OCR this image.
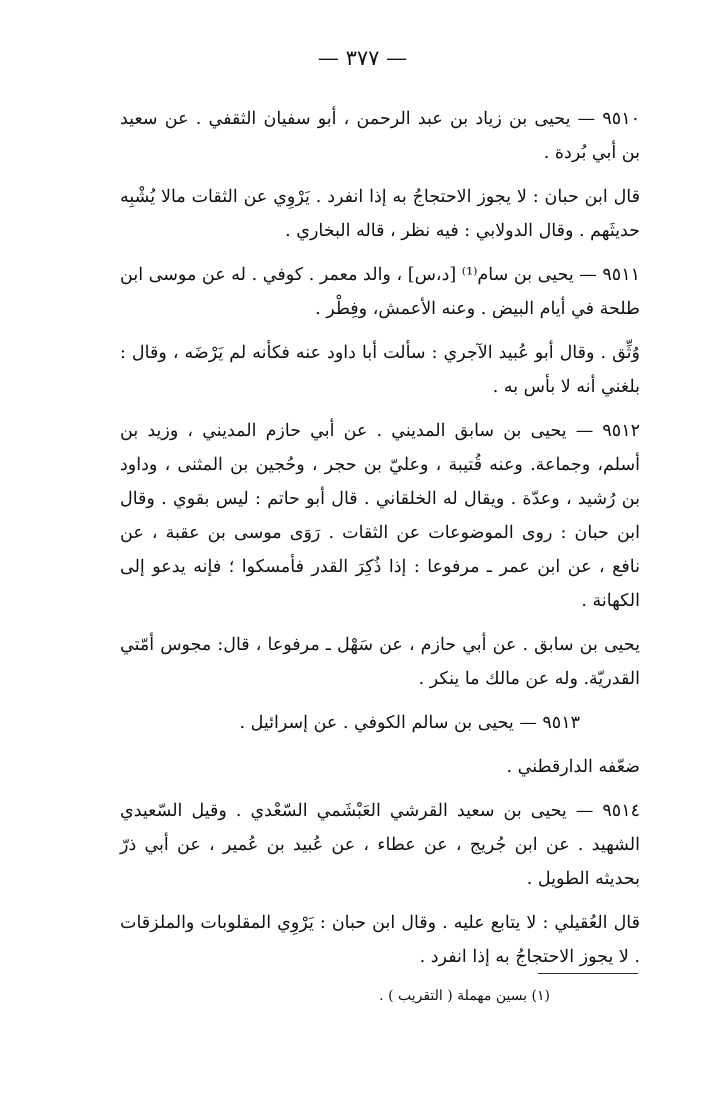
— ٣٧٧ —

٩٥١٠ — يحيى بن زياد بن عبد الرحمن ، أبو سفيان الثقفي . عن سعيد بن أبي بُردة .

قال ابن حبان : لا يجوز الاحتجاجُ به إذا انفرد . يَرْوِي عن الثقات مالا يُشْبِه حديثَهم . وقال الدولابي : فيه نظر ، قاله البخاري .

٩٥١١ — يحيى بن سام⁽¹⁾ [د،س] ، والد معمر . كوفي . له عن موسى ابن طلحة في أيام البيض . وعنه الأعمش، وفِطْر .

وُثِّق . وقال أبو عُبيد الآجري : سألت أبا داود عنه فكأنه لم يَرْضَه ، وقال : بلغني أنه لا بأس به .

٩٥١٢ — يحيى بن سابق المديني . عن أبي حازم المديني ، وزيد بن أسلم، وجماعة. وعنه قُتيبة ، وعليّ بن حجر ، وحُجين بن المثنى ، وداود بن رُشيد ، وعدّة . ويقال له الخلقاني . قال أبو حاتم : ليس بقوي . وقال ابن حبان : روى الموضوعات عن الثقات . رَوَى موسى بن عقبة ، عن نافع ، عن ابن عمر ـ مرفوعا : إذا ذُكِرَ القدر فأمسكوا ؛ فإنه يدعو إلى الكهانة .

يحيى بن سابق . عن أبي حازم ، عن سَهْل ـ مرفوعا ، قال: مجوس أمّتي القدريّة. وله عن مالك ما ينكر .

٩٥١٣ — يحيى بن سالم الكوفي . عن إسرائيل .

ضعّفه الدارقطني .

٩٥١٤ — يحيى بن سعيد القرشي العَبْشَمي السّعْدي . وقيل السّعيدي الشهيد . عن ابن جُريج ، عن عطاء ، عن عُبيد بن عُمير ، عن أبي ذرّ بحديثه الطويل .

قال العُقيلي : لا يتابع عليه . وقال ابن حبان : يَرْوِي المقلوبات والملزقات . لا يجوز الاحتجاجُ به إذا انفرد .

(١) بسين مهملة ( التقريب ) .
